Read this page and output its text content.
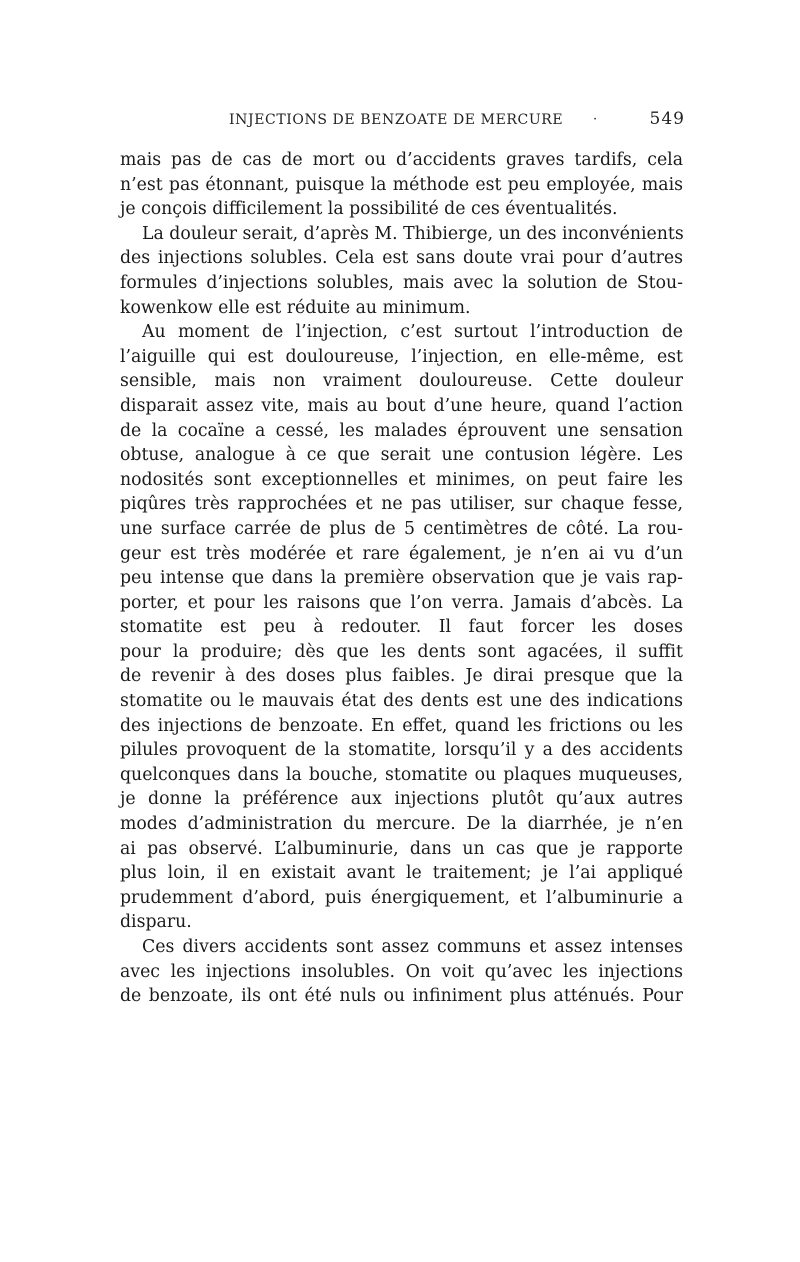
INJECTIONS DE BENZOATE DE MERCURE ·	549
mais pas de cas de mort ou d’accidents graves tardifs, cela
n’est pas étonnant, puisque la méthode est peu employée, mais
je conçois difficilement la possibilité de ces éventualités.
La douleur serait, d’après M. Thibierge, un des inconvénients
des injections solubles. Cela est sans doute vrai pour d’autres
formules d’injections solubles, mais avec la solution de Stou-
kowenkow elle est réduite au minimum.
Au moment de l’injection, c’est surtout l’introduction de
l’aiguille qui est douloureuse, l’injection, en elle-même, est
sensible, mais non vraiment douloureuse. Cette douleur
disparait assez vite, mais au bout d’une heure, quand l’action
de la cocaïne a cessé, les malades éprouvent une sensation
obtuse, analogue à ce que serait une contusion légère. Les
nodosités sont exceptionnelles et minimes, on peut faire les
piqûres très rapprochées et ne pas utiliser, sur chaque fesse,
une surface carrée de plus de 5 centimètres de côté. La rou-
geur est très modérée et rare également, je n’en ai vu d’un
peu intense que dans la première observation que je vais rap-
porter, et pour les raisons que l’on verra. Jamais d’abcès. La
stomatite est peu à redouter. Il faut forcer les doses
pour la produire; dès que les dents sont agacées, il suffit
de revenir à des doses plus faibles. Je dirai presque que la
stomatite ou le mauvais état des dents est une des indications
des injections de benzoate. En effet, quand les frictions ou les
pilules provoquent de la stomatite, lorsqu’il y a des accidents
quelconques dans la bouche, stomatite ou plaques muqueuses,
je donne la préférence aux injections plutôt qu’aux autres
modes d’administration du mercure. De la diarrhée, je n’en
ai pas observé. L’albuminurie, dans un cas que je rapporte
plus loin, il en existait avant le traitement; je l’ai appliqué
prudemment d’abord, puis énergiquement, et l’albuminurie a
disparu.
Ces divers accidents sont assez communs et assez intenses
avec les injections insolubles. On voit qu’avec les injections
de benzoate, ils ont été nuls ou infiniment plus atténués. Pour
